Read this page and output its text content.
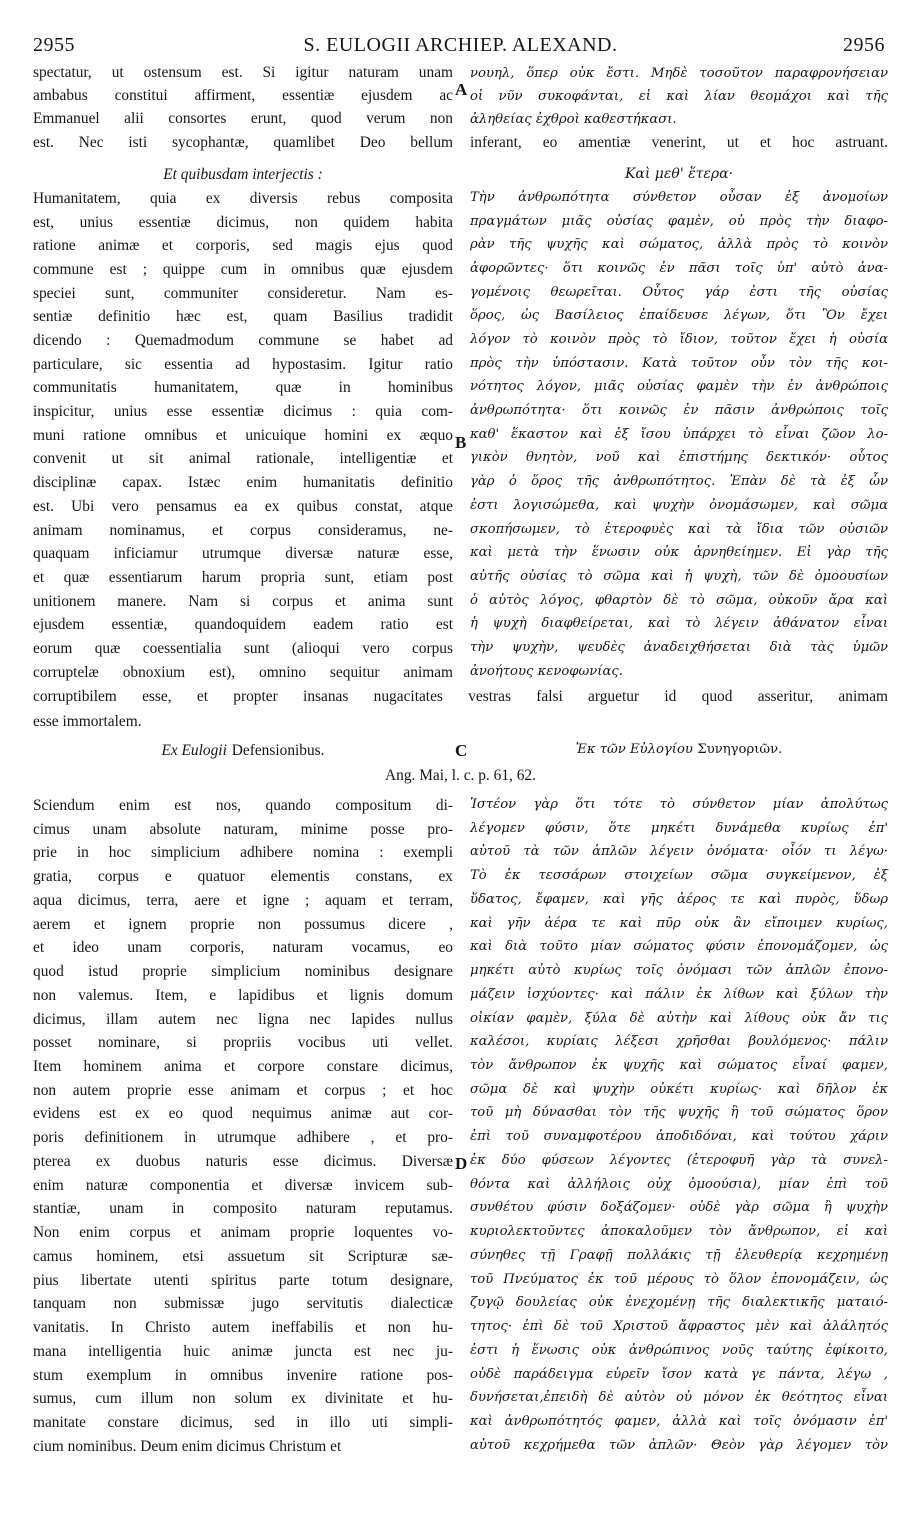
2955	S. EULOGII ARCHIEP. ALEXAND.	2956
spectatur, ut ostensum est. Si igitur naturam unam
ambabus constitui affirment, essentiæ ejusdem ac
Emmanuel alii consortes erunt, quod verum non
est. Nec isti sycophantæ, quamlibet Deo bellum
νουηλ, ὅπερ οὐκ ἔστι. Μηδὲ τοσοῦτον παραφρονήσειαν
οἱ νῦν συκοφάνται, εἰ καὶ λίαν θεομάχοι καὶ τῆς
ἀληθείας ἐχθροὶ καθεστήκασι.
inferant, eo amentiæ venerint, ut et hoc astruant.
Et quibusdam interjectis :	Καὶ μεθ' ἕτερα·
Humanitatem, quia ex diversis rebus composita
est, unius essentiæ dicimus, non quidem habita
ratione animæ et corporis, sed magis ejus quod
commune est ; quippe cum in omnibus quæ ejusdem
speciei sunt, communiter consideretur. Nam es-
sentiæ definitio hæc est, quam Basilius tradidit
dicendo : Quemadmodum commune se habet ad
particulare, sic essentia ad hypostasim. Igitur ratio
communitatis humanitatem, quæ in hominibus
inspicitur, unius esse essentiæ dicimus : quia com-
muni ratione omnibus et unicuique homini ex æquo
convenit ut sit animal rationale, intelligentiæ et
disciplinæ capax. Istæc enim humanitatis definitio
est. Ubi vero pensamus ea ex quibus constat, atque
animam nominamus, et corpus consideramus, ne-
quaquam inficiamur utrumque diversæ naturæ esse,
et quæ essentiarum harum propria sunt, etiam post
unitionem manere. Nam si corpus et anima sunt
ejusdem essentiæ, quandoquidem eadem ratio est
eorum quæ coessentialia sunt (alioqui vero corpus
corruptelæ obnoxium est), omnino sequitur animam
Τὴν ἀνθρωπότητα σύνθετον οὖσαν ἐξ ἀνομοίων
πραγμάτων μιᾶς οὐσίας φαμὲν, οὐ πρὸς τὴν διαφο-
ρὰν τῆς ψυχῆς καὶ σώματος, ἀλλὰ πρὸς τὸ κοινὸν
ἀφορῶντες· ὅτι κοινῶς ἐν πᾶσι τοῖς ὑπ' αὐτὸ ἀνα-
γομένοις θεωρεῖται. Οὗτος γάρ ἐστι τῆς οὐσίας
ὅρος, ὡς Βασίλειος ἐπαίδευσε λέγων, ὅτι Ὃν ἔχει
λόγον τὸ κοινὸν πρὸς τὸ ἴδιον, τοῦτον ἔχει ἡ οὐσία
πρὸς τὴν ὑπόστασιν. Κατὰ τοῦτον οὖν τὸν τῆς κοι-
νότητος λόγον, μιᾶς οὐσίας φαμὲν τὴν ἐν ἀνθρώποις
ἀνθρωπότητα· ὅτι κοινῶς ἐν πᾶσιν ἀνθρώποις τοῖς
καθ' ἕκαστον καὶ ἐξ ἴσου ὑπάρχει τὸ εἶναι ζῶον λο-
γικὸν θνητὸν, νοῦ καὶ ἐπιστήμης δεκτικόν· οὗτος
γὰρ ὁ ὅρος τῆς ἀνθρωπότητος. Ἐπὰν δὲ τὰ ἐξ ὧν
ἐστι λογισώμεθα, καὶ ψυχὴν ὀνομάσωμεν, καὶ σῶμα
σκοπήσωμεν, τὸ ἑτεροφυὲς καὶ τὰ ἴδια τῶν οὐσιῶν
καὶ μετὰ τὴν ἕνωσιν οὐκ ἀρνηθείημεν. Εἰ γὰρ τῆς
αὐτῆς οὐσίας τὸ σῶμα καὶ ἡ ψυχὴ, τῶν δὲ ὁμοουσίων
ὁ αὐτὸς λόγος, φθαρτὸν δὲ τὸ σῶμα, οὐκοῦν ἄρα καὶ
ἡ ψυχὴ διαφθείρεται, καὶ τὸ λέγειν ἀθάνατον εἶναι
τὴν ψυχὴν, ψευδὲς ἀναδειχθήσεται διὰ τὰς ὑμῶν
ἀνοήτους κενοφωνίας.
corruptibilem esse, et propter insanas nugacitates vestras falsi arguetur id quod asseritur, animam
esse immortalem.
Ex Eulogii Defensionibus.	Ἐκ τῶν Εὐλογίου Συνηγοριῶν.
Ang. Mai, l. c. p. 61, 62.
Sciendum enim est nos, quando compositum di-
cimus unam absolute naturam, minime posse pro-
prie in hoc simplicium adhibere nomina : exempli
gratia, corpus e quatuor elementis constans, ex
aqua dicimus, terra, aere et igne ; aquam et terram,
aerem et ignem proprie non possumus dicere ,
et ideo unam corporis, naturam vocamus, eo
quod istud proprie simplicium nominibus designare
non valemus. Item, e lapidibus et lignis domum
dicimus, illam autem nec ligna nec lapides nullus
posset nominare, si propriis vocibus uti vellet.
Item hominem anima et corpore constare dicimus,
non autem proprie esse animam et corpus ; et hoc
evidens est ex eo quod nequimus animæ aut cor-
poris definitionem in utrumque adhibere , et pro-
pterea ex duobus naturis esse dicimus. Diversæ
enim naturæ componentia et diversæ invicem sub-
stantiæ, unam in composito naturam reputamus.
Non enim corpus et animam proprie loquentes vo-
camus hominem, etsi assuetum sit Scripturæ sæ-
pius libertate utenti spiritus parte totum designare,
tanquam non submissæ jugo servitutis dialecticæ
vanitatis. In Christo autem ineffabilis et non hu-
mana intelligentia huic animæ juncta est nec ju-
stum exemplum in omnibus invenire ratione pos-
sumus, cum illum non solum ex divinitate et hu-
manitate constare dicimus, sed in illo uti simpli-
cium nominibus. Deum enim dicimus Christum et
Ἰστέον γὰρ ὅτι τότε τὸ σύνθετον μίαν ἀπολύτως
λέγομεν φύσιν, ὅτε μηκέτι δυνάμεθα κυρίως ἐπ'
αὐτοῦ τὰ τῶν ἁπλῶν λέγειν ὀνόματα· οἷόν τι λέγω·
Τὸ ἐκ τεσσάρων στοιχείων σῶμα συγκείμενον, ἐξ
ὕδατος, ἔφαμεν, καὶ γῆς ἀέρος τε καὶ πυρὸς, ὕδωρ
καὶ γῆν ἀέρα τε καὶ πῦρ οὐκ ἂν εἴποιμεν κυρίως,
καὶ διὰ τοῦτο μίαν σώματος φύσιν ἐπονομάζομεν, ὡς
μηκέτι αὐτὸ κυρίως τοῖς ὀνόμασι τῶν ἁπλῶν ἐπονο-
μάζειν ἰσχύοντες· καὶ πάλιν ἐκ λίθων καὶ ξύλων τὴν
οἰκίαν φαμὲν, ξύλα δὲ αὐτὴν καὶ λίθους οὐκ ἄν τις
καλέσοι, κυρίαις λέξεσι χρῆσθαι βουλόμενος· πάλιν
τὸν ἄνθρωπον ἐκ ψυχῆς καὶ σώματος εἶναί φαμεν,
σῶμα δὲ καὶ ψυχὴν οὐκέτι κυρίως· καὶ δῆλον ἐκ
τοῦ μὴ δύνασθαι τὸν τῆς ψυχῆς ἢ τοῦ σώματος ὅρον
ἐπὶ τοῦ συναμφοτέρου ἀποδιδόναι, καὶ τούτου χάριν
ἐκ δύο φύσεων λέγοντες (ἑτεροφυῆ γὰρ τὰ συνελ-
θόντα καὶ ἀλλήλοις οὐχ ὁμοούσια), μίαν ἐπὶ τοῦ
συνθέτου φύσιν δοξάζομεν· οὐδὲ γὰρ σῶμα ἢ ψυχὴν
κυριολεκτοῦντες ἀποκαλοῦμεν τὸν ἄνθρωπον, εἰ καὶ
σύνηθες τῇ Γραφῇ πολλάκις τῇ ἐλευθερίᾳ κεχρημένῃ
τοῦ Πνεύματος ἐκ τοῦ μέρους τὸ ὅλον ἐπονομάζειν, ὡς
ζυγῷ δουλείας οὐκ ἐνεχομένῃ τῆς διαλεκτικῆς ματαιό-
τητος· ἐπὶ δὲ τοῦ Χριστοῦ ἄφραστος μὲν καὶ ἀλάλητός
ἐστι ἡ ἕνωσις οὐκ ἀνθρώπινος νοῦς ταύτης ἐφίκοιτο,
οὐδὲ παράδειγμα εὑρεῖν ἴσον κατὰ γε πάντα, λέγω ,
δυνήσεται,ἐπειδὴ δὲ αὐτὸν οὐ μόνον ἐκ θεότητος εἶναι
καὶ ἀνθρωπότητός φαμεν, ἀλλὰ καὶ τοῖς ὀνόμασιν ἐπ'
αὐτοῦ κεχρήμεθα τῶν ἁπλῶν· Θεὸν γὰρ λέγομεν τὸν
A
B
C
D
